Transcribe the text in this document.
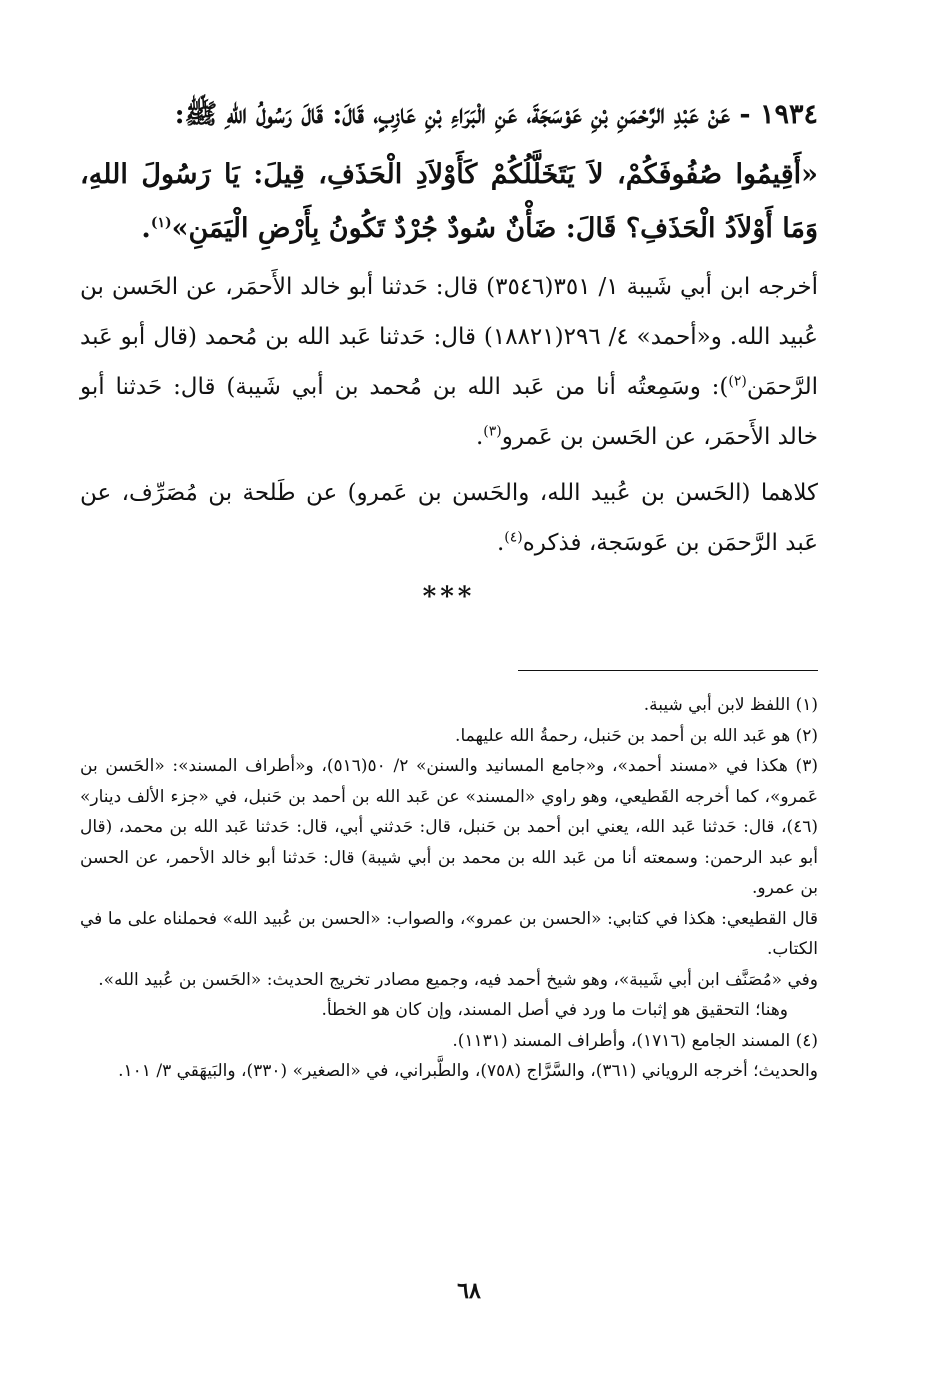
١٩٣٤ - عَنْ عَبْدِ الرَّحْمَنِ بْنِ عَوْسَجَةَ، عَنِ الْبَرَاءِ بْنِ عَازِبٍ، قَالَ: قَالَ رَسُولُ اللهِ ﷺ:

«أَقِيمُوا صُفُوفَكُمْ، لاَ يَتَخَلَّلُكُمْ كَأَوْلاَدِ الْحَذَفِ، قِيلَ: يَا رَسُولَ اللهِ، وَمَا أَوْلاَدُ الْحَذَفِ؟ قَالَ: ضَأْنٌ سُودٌ جُرْدٌ تَكُونُ بِأَرْضِ الْيَمَنِ»$^{(١)}$.

أخرجه ابن أبي شَيبة ١/ ٣٥١(٣٥٤٦) قال: حَدثنا أبو خالد الأَحمَر، عن الحَسن بن عُبيد الله. و«أحمد» ٤/ ٢٩٦(١٨٨٢١) قال: حَدثنا عَبد الله بن مُحمد (قال أبو عَبد الرَّحمَن$^{(٢)}$): وسَمِعتُه أنا من عَبد الله بن مُحمد بن أبي شَيبة) قال: حَدثنا أبو خالد الأَحمَر، عن الحَسن بن عَمرو$^{(٣)}$.

كلاهما (الحَسن بن عُبيد الله، والحَسن بن عَمرو) عن طَلحة بن مُصَرِّف، عن عَبد الرَّحمَن بن عَوسَجة، فذكره$^{(٤)}$.

***

(١) اللفظ لابن أبي شيبة.

(٢) هو عَبد الله بن أحمد بن حَنبل، رحمةُ الله عليهما.

(٣) هكذا في «مسند أحمد»، و«جامع المسانيد والسنن» ٢/ ٥٠(٥١٦)، و«أطراف المسند»: «الحَسن بن عَمرو»، كما أخرجه القَطيعي، وهو راوي «المسند» عن عَبد الله بن أحمد بن حَنبل، في «جزء الألف دينار» (٤٦)، قال: حَدثنا عَبد الله، يعني ابن أحمد بن حَنبل، قال: حَدثني أبي، قال: حَدثنا عَبد الله بن محمد، (قال أبو عبد الرحمن: وسمعته أنا من عَبد الله بن محمد بن أبي شيبة) قال: حَدثنا أبو خالد الأحمر، عن الحسن بن عمرو.

قال القطيعي: هكذا في كتابي: «الحسن بن عمرو»، والصواب: «الحسن بن عُبيد الله» فحملناه على ما في الكتاب.

وفي «مُصَنَّف ابن أبي شَيبة»، وهو شيخ أحمد فيه، وجميع مصادر تخريج الحديث: «الحَسن بن عُبيد الله».

وهنا؛ التحقيق هو إثبات ما ورد في أصل المسند، وإن كان هو الخطأ.

(٤) المسند الجامع (١٧١٦)، وأطراف المسند (١١٣١).

والحديث؛ أخرجه الروياني (٣٦١)، والسَّرَّاج (٧٥٨)، والطَّبراني، في «الصغير» (٣٣٠)، والبَيهَقي ٣/ ١٠١.

٦٨
